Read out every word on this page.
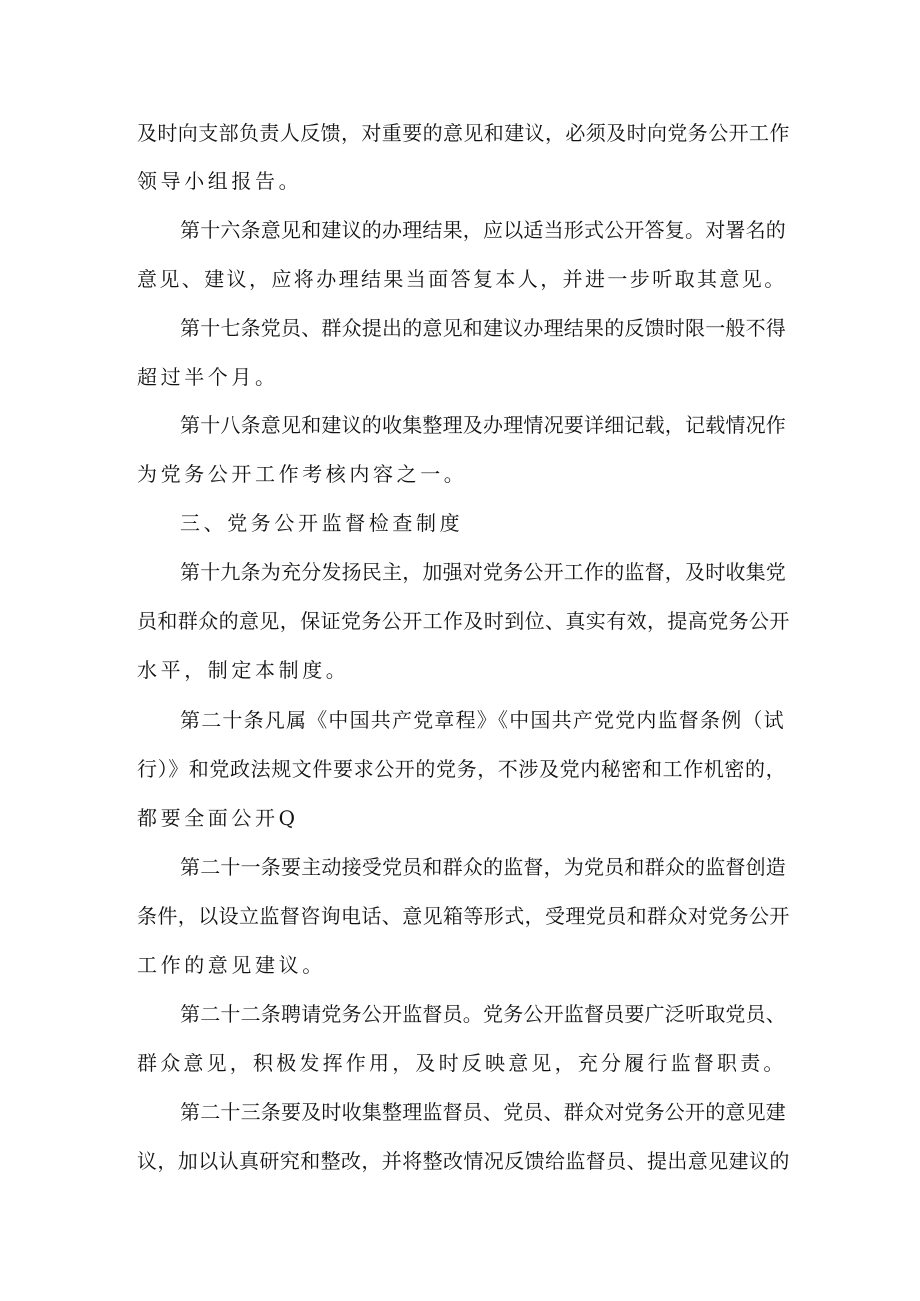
及时向支部负责人反馈，对重要的意见和建议，必须及时向党务公开工作
领导小组报告。
第十六条意见和建议的办理结果，应以适当形式公开答复。对署名的
意见、建议，应将办理结果当面答复本人，并进一步听取其意见。
第十七条党员、群众提出的意见和建议办理结果的反馈时限一般不得
超过半个月。
第十八条意见和建议的收集整理及办理情况要详细记载，记载情况作
为党务公开工作考核内容之一。
三、党务公开监督检查制度
第十九条为充分发扬民主，加强对党务公开工作的监督，及时收集党
员和群众的意见，保证党务公开工作及时到位、真实有效，提高党务公开
水平，制定本制度。
第二十条凡属《中国共产党章程》《中国共产党党内监督条例（试
行）》和党政法规文件要求公开的党务，不涉及党内秘密和工作机密的，
都要全面公开Q
第二十一条要主动接受党员和群众的监督，为党员和群众的监督创造
条件，以设立监督咨询电话、意见箱等形式，受理党员和群众对党务公开
工作的意见建议。
第二十二条聘请党务公开监督员。党务公开监督员要广泛听取党员、
群众意见，积极发挥作用，及时反映意见，充分履行监督职责。
第二十三条要及时收集整理监督员、党员、群众对党务公开的意见建
议，加以认真研究和整改，并将整改情况反馈给监督员、提出意见建议的
